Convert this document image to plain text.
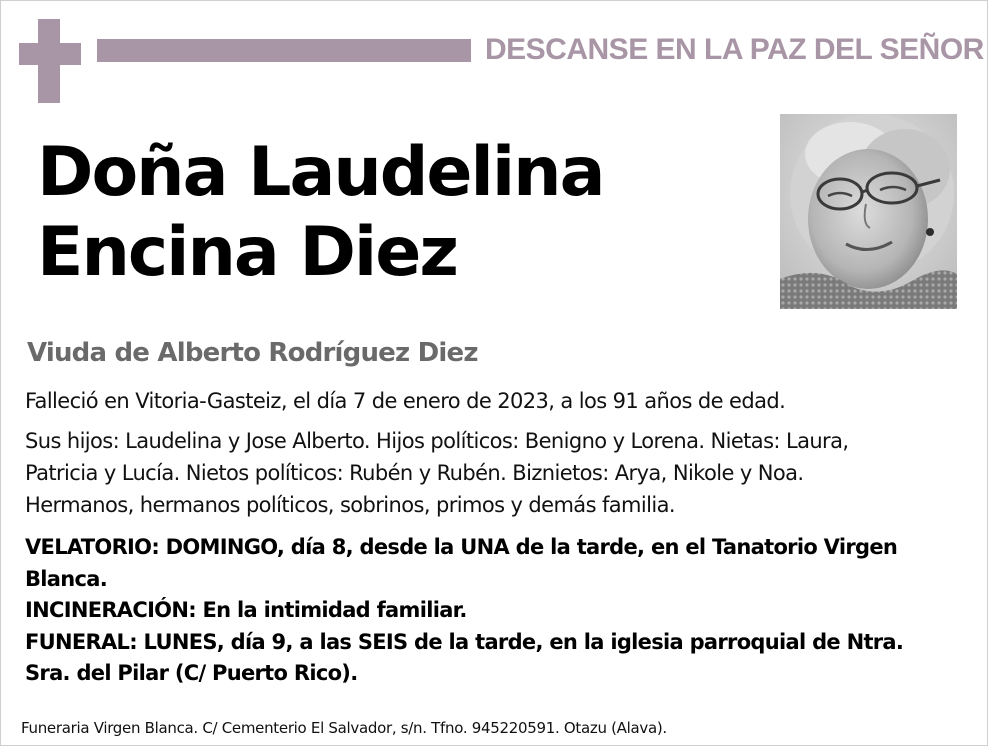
DESCANSE EN LA PAZ DEL SEÑOR
Doña Laudelina
Encina Diez
Viuda de Alberto Rodríguez Diez
Falleció en Vitoria-Gasteiz, el día 7 de enero de 2023, a los 91 años de edad.
Sus hijos: Laudelina y Jose Alberto. Hijos políticos: Benigno y Lorena. Nietas: Laura,
Patricia y Lucía. Nietos políticos: Rubén y Rubén. Biznietos: Arya, Nikole y Noa.
Hermanos, hermanos políticos, sobrinos, primos y demás familia.
VELATORIO: DOMINGO, día 8, desde la UNA de la tarde, en el Tanatorio Virgen
Blanca.
INCINERACIÓN: En la intimidad familiar.
FUNERAL: LUNES, día 9, a las SEIS de la tarde, en la iglesia parroquial de Ntra.
Sra. del Pilar (C/ Puerto Rico).
Funeraria Virgen Blanca. C/ Cementerio El Salvador, s/n. Tfno. 945220591. Otazu (Alava).
